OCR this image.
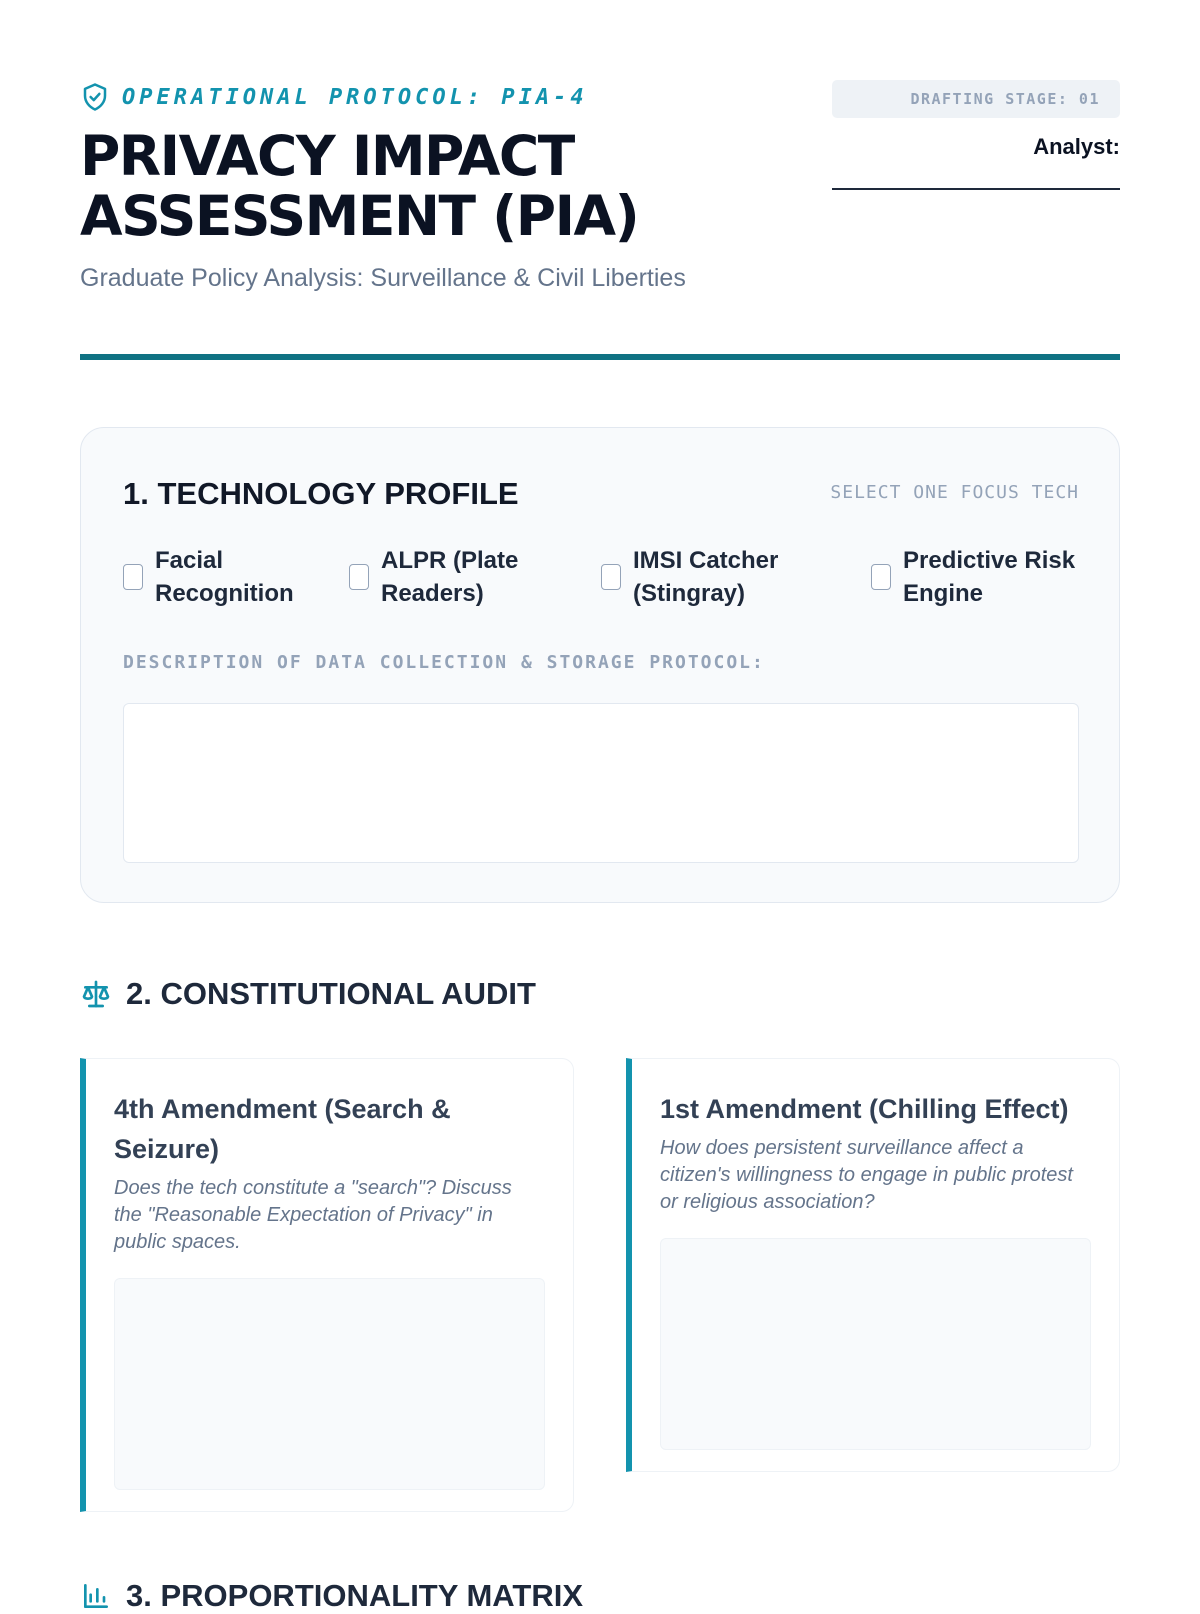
OPERATIONAL PROTOCOL: PIA-4
PRIVACY IMPACT ASSESSMENT (PIA)
Graduate Policy Analysis: Surveillance & Civil Liberties
DRAFTING STAGE: 01
Analyst:
1. TECHNOLOGY PROFILE	SELECT ONE FOCUS TECH
Facial Recognition
ALPR (Plate Readers)
IMSI Catcher (Stingray)
Predictive Risk Engine
DESCRIPTION OF DATA COLLECTION & STORAGE PROTOCOL:
2. CONSTITUTIONAL AUDIT
4th Amendment (Search & Seizure)
Does the tech constitute a "search"? Discuss the "Reasonable Expectation of Privacy" in public spaces.
1st Amendment (Chilling Effect)
How does persistent surveillance affect a citizen's willingness to engage in public protest or religious association?
3. PROPORTIONALITY MATRIX
